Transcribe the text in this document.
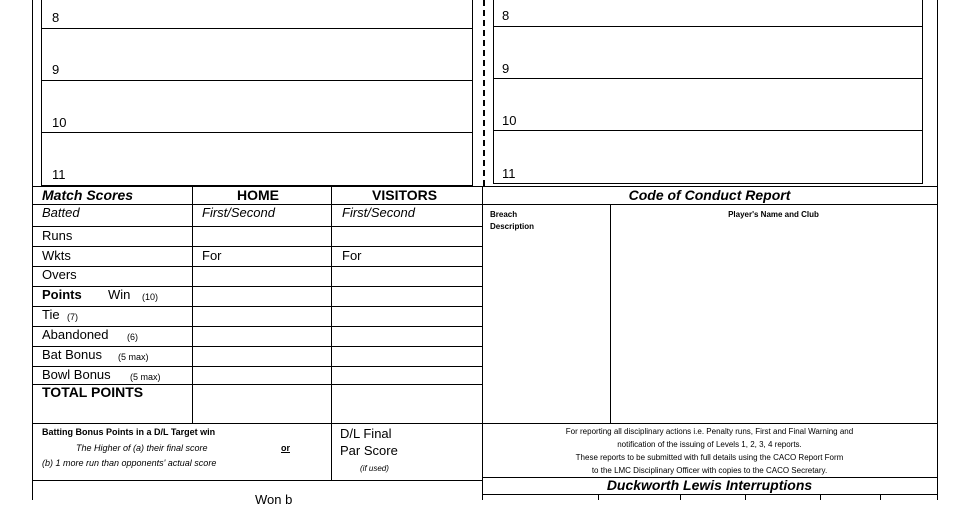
8
9
10
11
8
9
10
11
Match Scores	HOME	VISITORS
Batted	First/Second	First/Second
Runs
Wkts	For	For
Overs
Points Win (10)
Tie (7)
Abandoned (6)
Bat Bonus (5 max)
Bowl Bonus (5 max)
TOTAL POINTS
Batting Bonus Points in a D/L Target win
The Higher of (a) their final score	or
(b) 1 more run than opponents' actual score
D/L Final
Par Score
(if used)
Won b
Code of Conduct Report
Breach
Description
Player's Name and Club
For reporting all disciplinary actions i.e. Penalty runs, First and Final Warning and
notification of the issuing of Levels 1, 2, 3, 4 reports.
These reports to be submitted with full details using the CACO Report Form
to the LMC Disciplinary Officer with copies to the CACO Secretary.
Duckworth Lewis Interruptions
